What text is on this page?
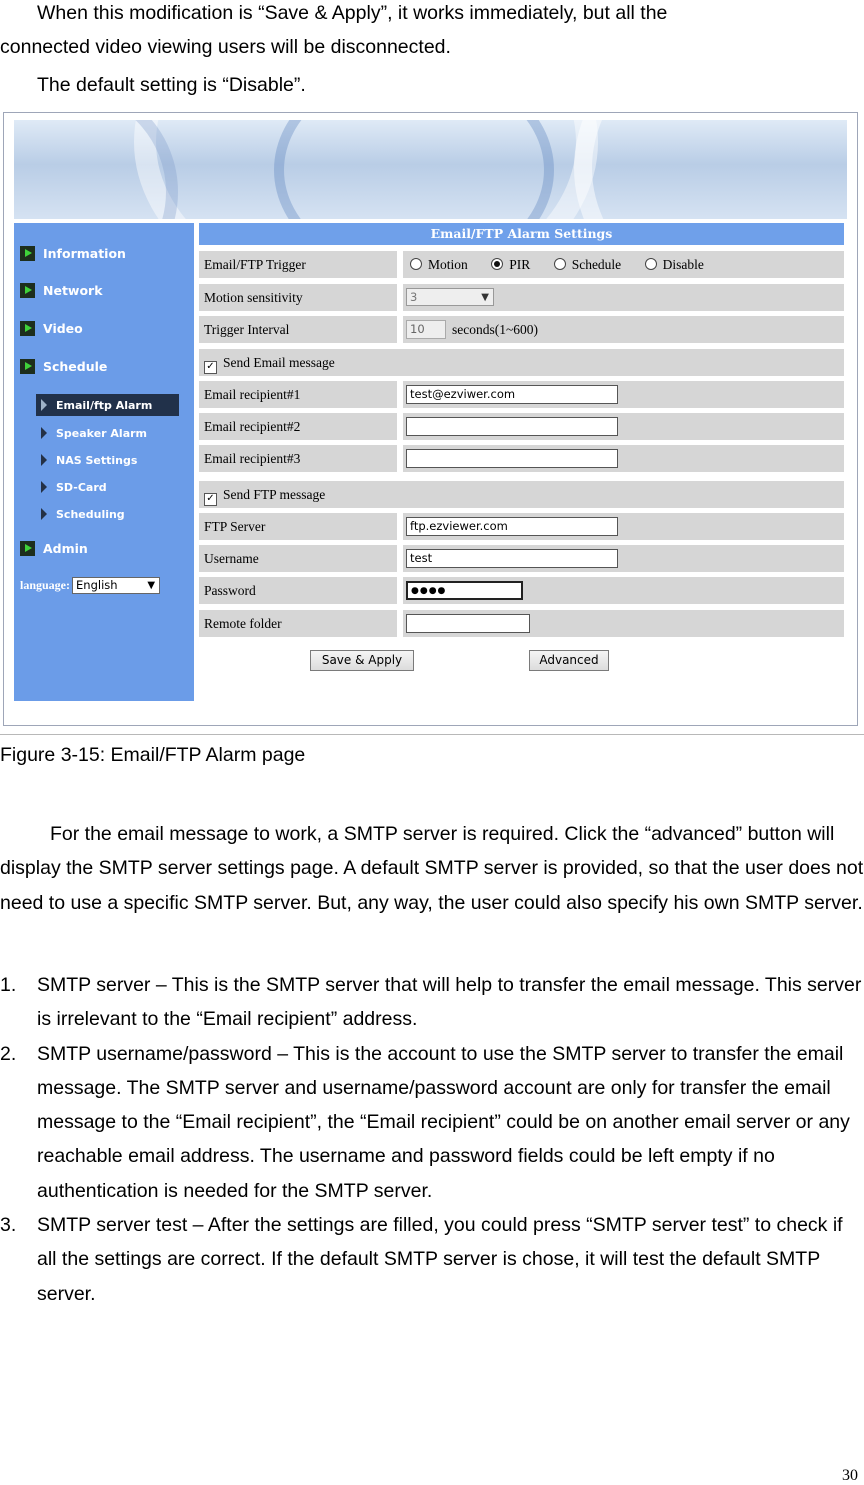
When this modification is “Save & Apply”, it works immediately, but all the

connected video viewing users will be disconnected.

The default setting is “Disable”.

Information
Network
Video
Schedule
Email/ftp Alarm
Speaker Alarm
NAS Settings
SD-Card
Scheduling
Admin
language: English	▼
Email/FTP Alarm Settings
Email/FTP Trigger	Motion	PIR	Schedule	Disable
Motion sensitivity	3	▼
Trigger Interval	10	seconds(1~600)
✓ Send Email message
Email recipient#1	test@ezviwer.com
Email recipient#2
Email recipient#3
✓ Send FTP message
FTP Server	ftp.ezviewer.com
Username	test
Password	●●●●
Remote folder
Save & Apply	Advanced
Figure 3-15: Email/FTP Alarm page

For the email message to work, a SMTP server is required. Click the “advanced” button will display the SMTP server settings page. A default SMTP server is provided, so that the user does not need to use a specific SMTP server. But, any way, the user could also specify his own SMTP server.

1. SMTP server – This is the SMTP server that will help to transfer the email message. This server is irrelevant to the “Email recipient” address.
2. SMTP username/password – This is the account to use the SMTP server to transfer the email message. The SMTP server and username/password account are only for transfer the email message to the “Email recipient”, the “Email recipient” could be on another email server or any reachable email address. The username and password fields could be left empty if no authentication is needed for the SMTP server.
3. SMTP server test – After the settings are filled, you could press “SMTP server test” to check if all the settings are correct. If the default SMTP server is chose, it will test the default SMTP server.
30
